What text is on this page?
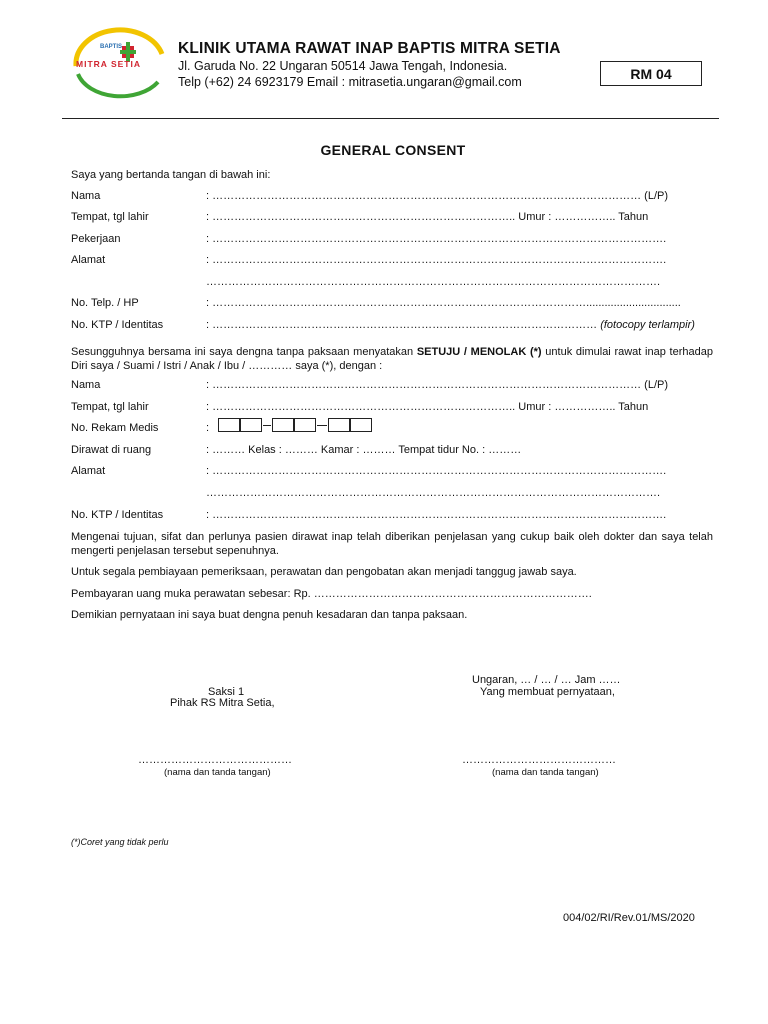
BAPTIS
MITRA SETIA
KLINIK UTAMA RAWAT INAP BAPTIS MITRA SETIA
Jl. Garuda No. 22 Ungaran 50514 Jawa Tengah, Indonesia.
Telp (+62) 24 6923179 Email : mitrasetia.ungaran@gmail.com
RM 04
GENERAL CONSENT
Saya yang bertanda tangan di bawah ini:
Nama	: ……………………………………………………………………………………………………… (L/P)
Tempat, tgl lahir	: ……………………………………………………………………….. Umur : …………….. Tahun
Pekerjaan	: …………………………………………………………………………………………………………….
Alamat	: …………………………………………………………………………………………………………….
…………………………………………………………………………………………………………….
No. Telp. / HP	: …………………………………………………………………………………………...............................
No. KTP / Identitas	: …………………………………………………………………………………………… (fotocopy terlampir)
Sesungguhnya bersama ini saya dengna tanpa paksaan menyatakan SETUJU / MENOLAK (*) untuk dimulai rawat inap terhadap Diri saya / Suami / Istri / Anak / Ibu / ………… saya (*), dengan :
Nama	: ……………………………………………………………………………………………………… (L/P)
Tempat, tgl lahir	: ……………………………………………………………………….. Umur : …………….. Tahun
No. Rekam Medis	:
Dirawat di ruang	: ……… Kelas : ……… Kamar : ……… Tempat tidur No. : ………
Alamat	: …………………………………………………………………………………………………………….
…………………………………………………………………………………………………………….
No. KTP / Identitas	: …………………………………………………………………………………………………………….
Mengenai tujuan, sifat dan perlunya pasien dirawat inap telah diberikan penjelasan yang cukup baik oleh dokter dan saya telah mengerti penjelasan tersebut sepenuhnya.
Untuk segala pembiayaan pemeriksaan, perawatan dan pengobatan akan menjadi tanggug jawab saya.
Pembayaran uang muka perawatan sebesar: Rp. ………………………………………………………………….
Demikian pernyataan ini saya buat dengna penuh kesadaran dan tanpa paksaan.
Ungaran, … / … / … Jam ……
Yang membuat pernyataan,
Saksi 1
Pihak RS Mitra Setia,
……………………………………	……………………………………
(nama dan tanda tangan)	(nama dan tanda tangan)
(*)Coret yang tidak perlu
004/02/RI/Rev.01/MS/2020
